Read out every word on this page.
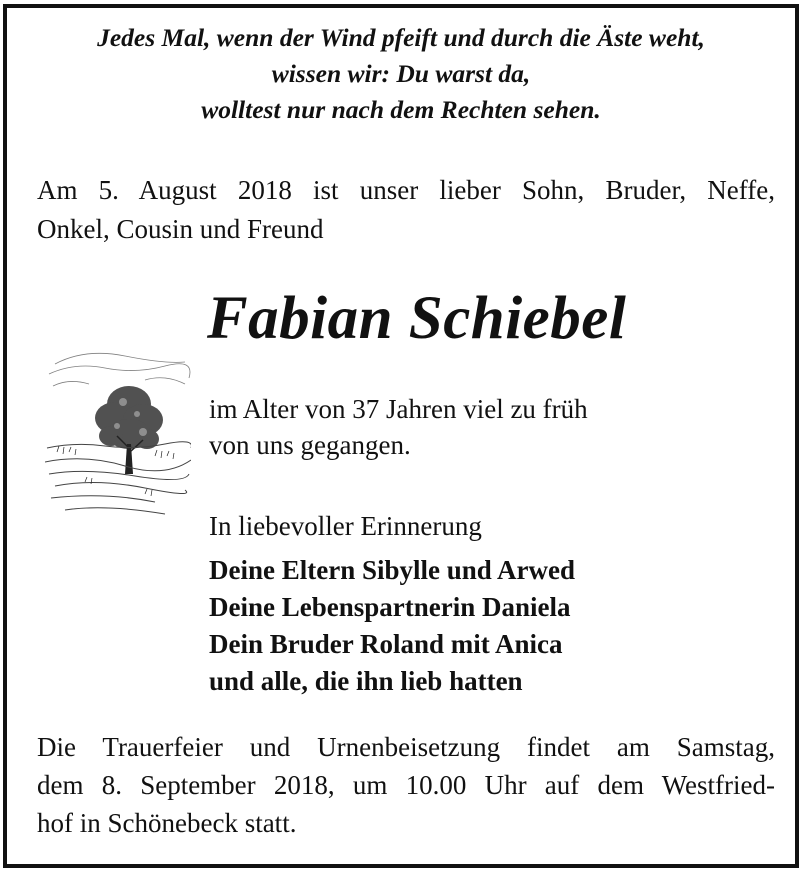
Jedes Mal, wenn der Wind pfeift und durch die Äste weht,
wissen wir: Du warst da,
wolltest nur nach dem Rechten sehen.
Am 5. August 2018 ist unser lieber Sohn, Bruder, Neffe,
Onkel, Cousin und Freund
Fabian Schiebel
im Alter von 37 Jahren viel zu früh
von uns gegangen.
In liebevoller Erinnerung
Deine Eltern Sibylle und Arwed
Deine Lebenspartnerin Daniela
Dein Bruder Roland mit Anica
und alle, die ihn lieb hatten
Die Trauerfeier und Urnenbeisetzung findet am Samstag,
dem 8. September 2018, um 10.00 Uhr auf dem Westfried-
hof in Schönebeck statt.
